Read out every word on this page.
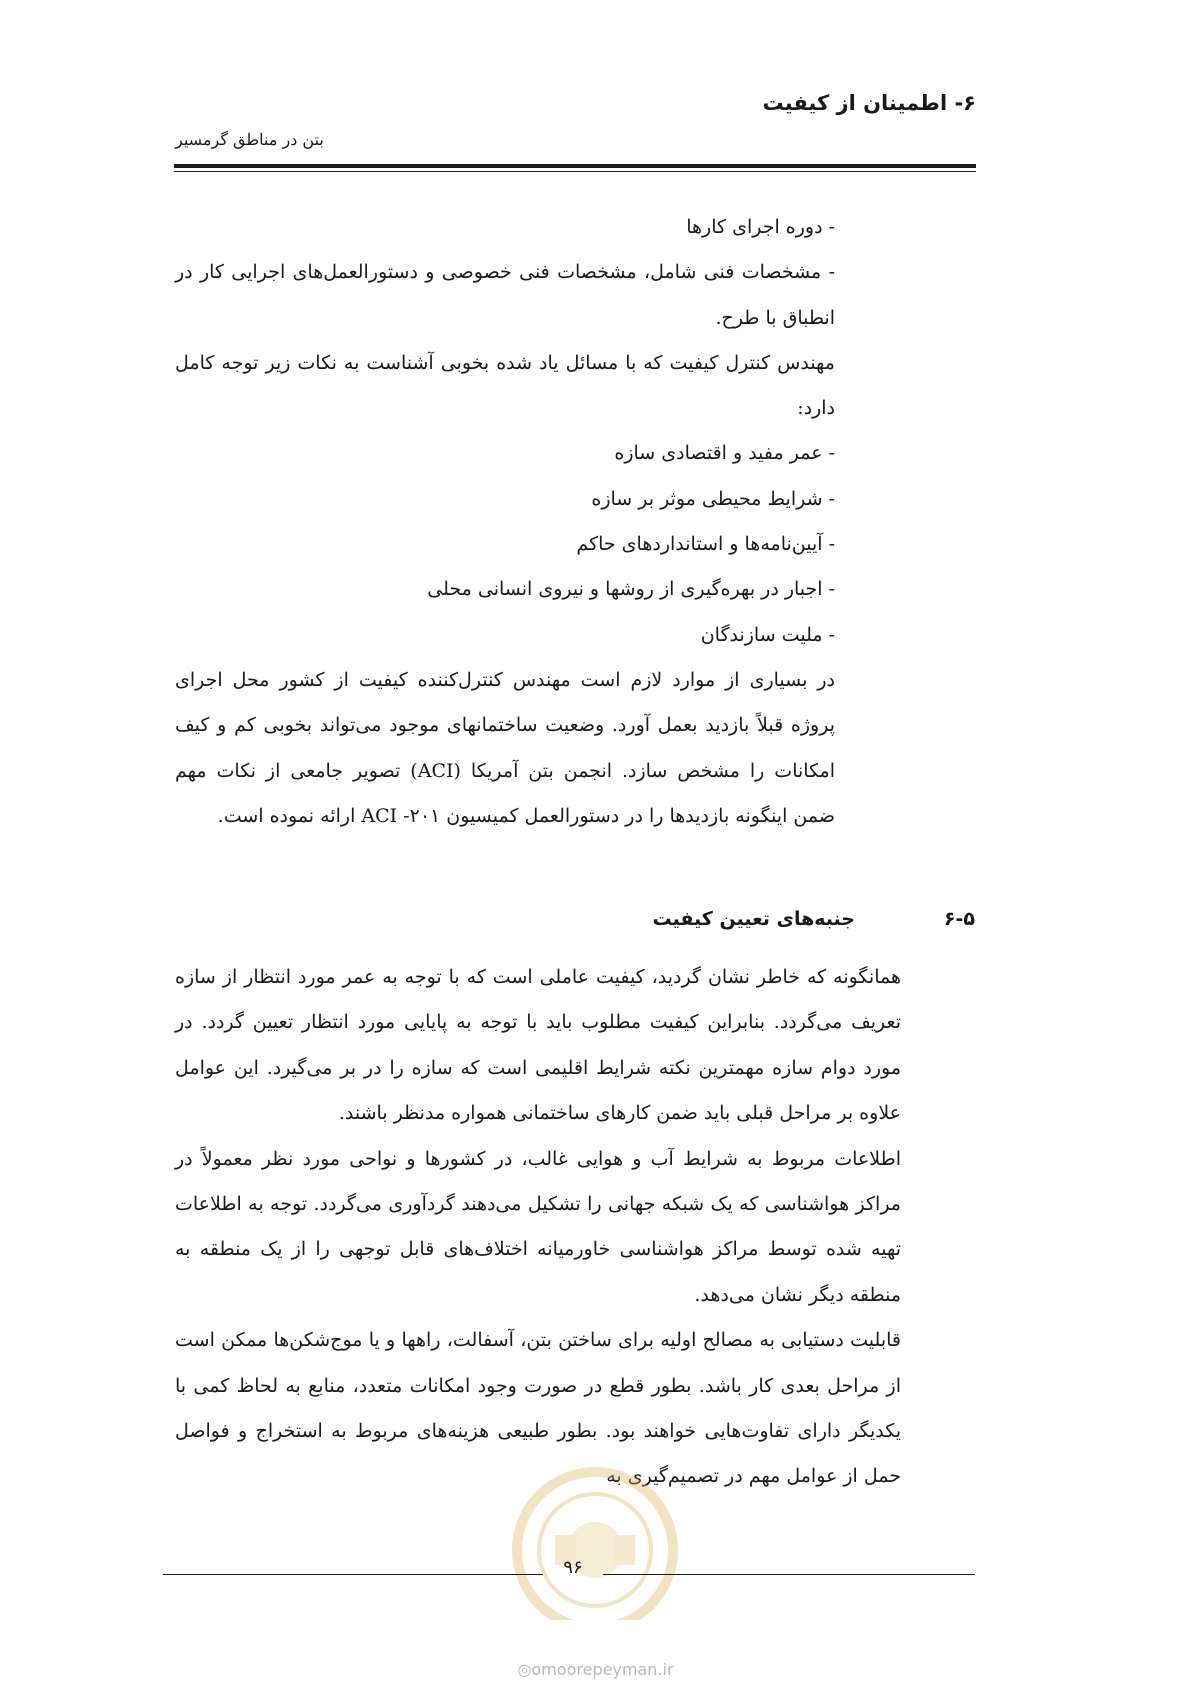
۶- اطمینان از کیفیت
بتن در مناطق گرمسیر
- دوره اجرای کارها

- مشخصات فنی شامل، مشخصات فنی خصوصی و دستورالعمل‌های اجرایی کار در انطباق با طرح.

مهندس کنترل کیفیت که با مسائل یاد شده بخوبی آشناست به نکات زیر توجه کامل دارد:

- عمر مفید و اقتصادی سازه
- شرایط محیطی موثر بر سازه
- آیین‌نامه‌ها و استانداردهای حاکم
- اجبار در بهره‌گیری از روشها و نیروی انسانی محلی
- ملیت سازندگان

در بسیاری از موارد لازم است مهندس کنترل‌کننده کیفیت از کشور محل اجرای پروژه قبلاً بازدید بعمل آورد. وضعیت ساختمانهای موجود می‌تواند بخوبی کم و کیف امکانات را مشخص سازد. انجمن بتن آمریکا (ACI) تصویر جامعی از نکات مهم ضمن اینگونه بازدیدها را در دستورالعمل کمیسیون ۲۰۱- ACI ارائه نموده است.

۶-۵
جنبه‌های تعیین کیفیت

همانگونه که خاطر نشان گردید، کیفیت عاملی است که با توجه به عمر مورد انتظار از سازه تعریف می‌گردد. بنابراین کیفیت مطلوب باید با توجه به پایایی مورد انتظار تعیین گردد. در مورد دوام سازه مهمترین نکته شرایط اقلیمی است که سازه را در بر می‌گیرد. این عوامل علاوه بر مراحل قبلی باید ضمن کارهای ساختمانی همواره مدنظر باشند.

اطلاعات مربوط به شرایط آب و هوایی غالب، در کشورها و نواحی مورد نظر معمولاً در مراکز هواشناسی که یک شبکه جهانی را تشکیل می‌دهند گردآوری می‌گردد. توجه به اطلاعات تهیه شده توسط مراکز هواشناسی خاورمیانه اختلاف‌های قابل توجهی را از یک منطقه به منطقه دیگر نشان می‌دهد.

قابلیت دستیابی به مصالح اولیه برای ساختن بتن، آسفالت، راهها و یا موج‌شکن‌ها ممکن است از مراحل بعدی کار باشد. بطور قطع در صورت وجود امکانات متعدد، منابع به لحاظ کمی با یکدیگر دارای تفاوت‌هایی خواهند بود. بطور طبیعی هزینه‌های مربوط به استخراج و فواصل حمل از عوامل مهم در تصمیم‌گیری به

۹۶
◎omoorepeyman.ir
